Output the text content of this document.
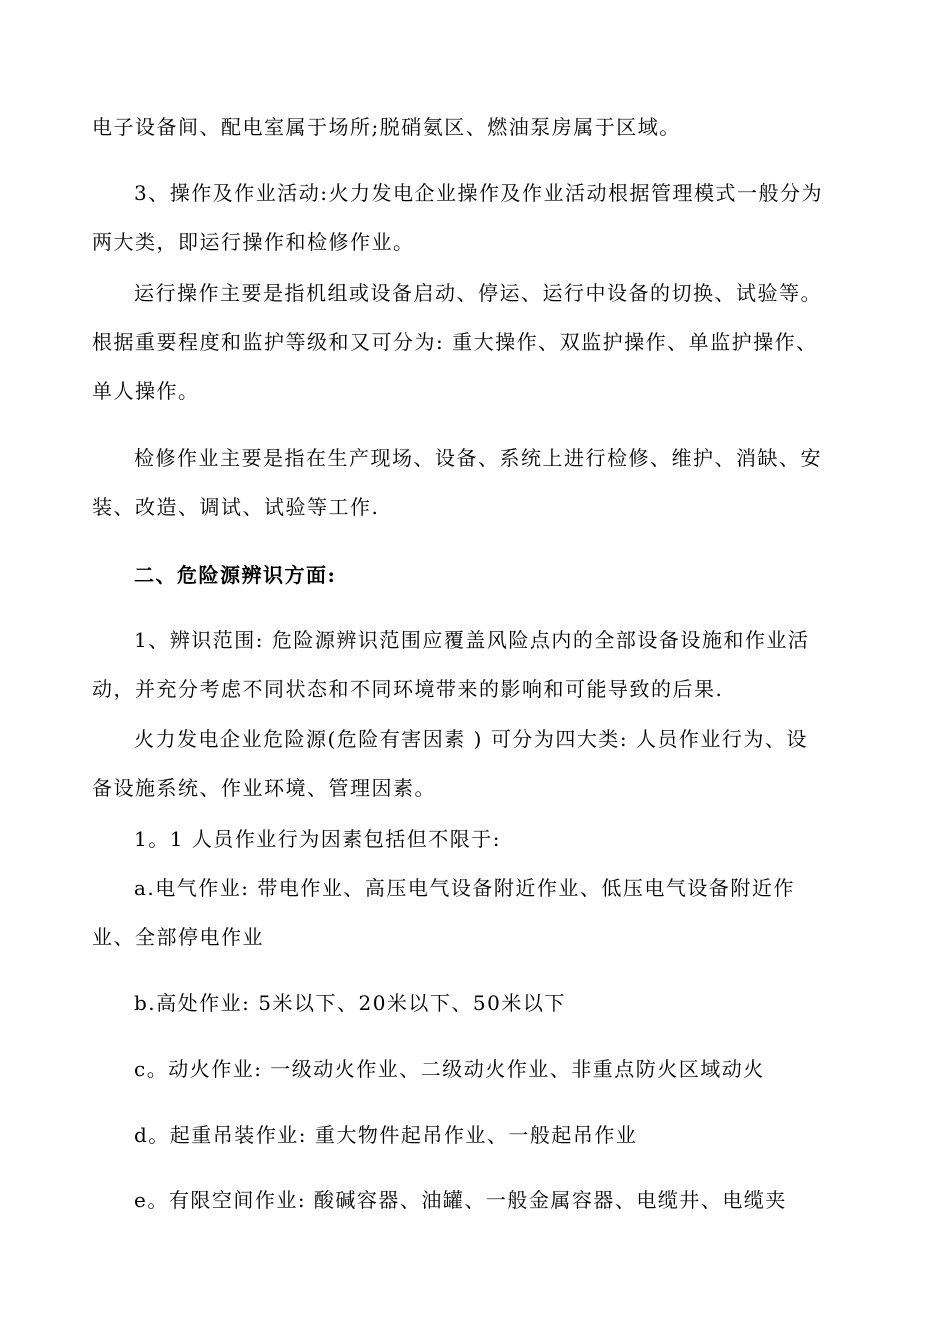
电子设备间、配电室属于场所;脱硝氨区、燃油泵房属于区域。
3、操作及作业活动:火力发电企业操作及作业活动根据管理模式一般分为
两大类，即运行操作和检修作业。
运行操作主要是指机组或设备启动、停运、运行中设备的切换、试验等。
根据重要程度和监护等级和又可分为: 重大操作、双监护操作、单监护操作、
单人操作。
检修作业主要是指在生产现场、设备、系统上进行检修、维护、消缺、安
装、改造、调试、试验等工作.
二、危险源辨识方面:
1、辨识范围: 危险源辨识范围应覆盖风险点内的全部设备设施和作业活
动，并充分考虑不同状态和不同环境带来的影响和可能导致的后果.
火力发电企业危险源(危险有害因素 ) 可分为四大类: 人员作业行为、设
备设施系统、作业环境、管理因素。
1。1 人员作业行为因素包括但不限于:
a.电气作业: 带电作业、高压电气设备附近作业、低压电气设备附近作
业、全部停电作业
b.高处作业: 5米以下、20米以下、50米以下
c。动火作业: 一级动火作业、二级动火作业、非重点防火区域动火
d。起重吊装作业: 重大物件起吊作业、一般起吊作业
e。有限空间作业: 酸碱容器、油罐、一般金属容器、电缆井、电缆夹
